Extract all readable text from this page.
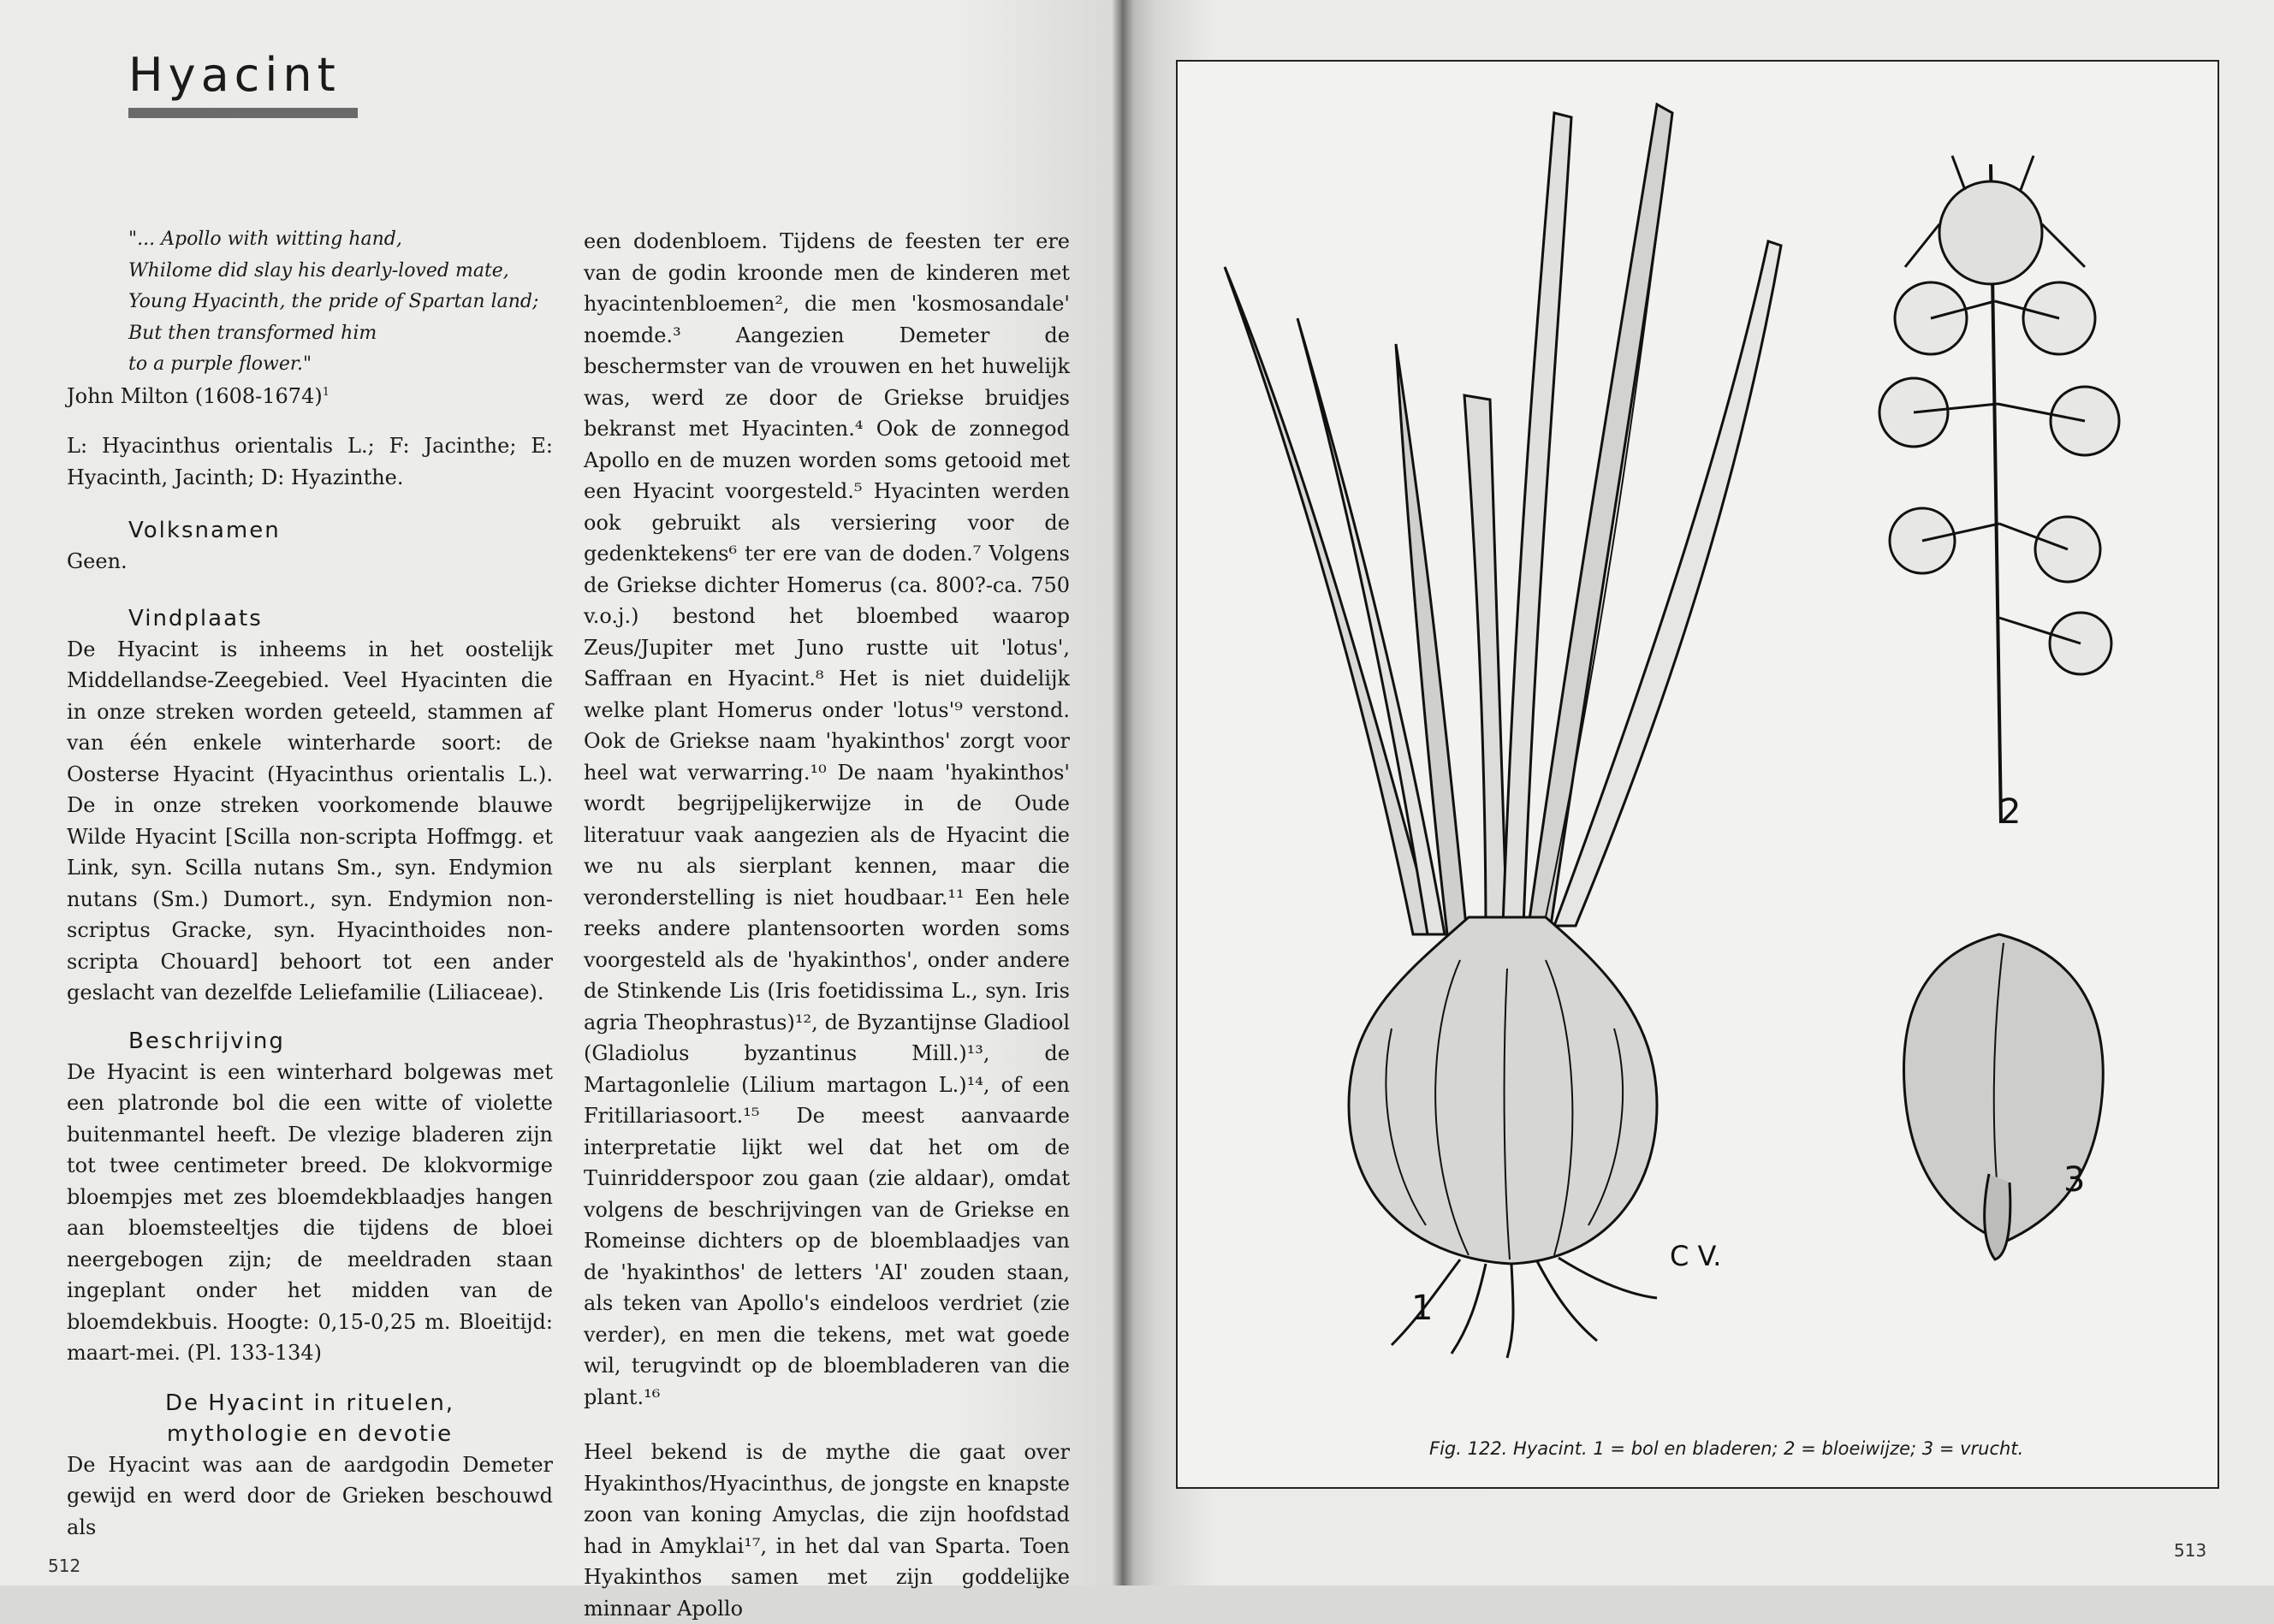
Hyacint
"... Apollo with witting hand,
Whilome did slay his dearly-loved mate,
Young Hyacinth, the pride of Spartan land;
But then transformed him
to a purple flower."
John Milton (1608-1674)$^1$

L: Hyacinthus orientalis L.; F: Jacinthe; E: Hyacinth, Jacinth; D: Hyazinthe.

Volksnamen

Geen.

Vindplaats

De Hyacint is inheems in het oostelijk Middellandse-Zeegebied. Veel Hyacinten die in onze streken worden geteeld, stammen af van één enkele winterharde soort: de Oosterse Hyacint (Hyacinthus orientalis L.). De in onze streken voorkomende blauwe Wilde Hyacint [Scilla non-scripta Hoffmgg. et Link, syn. Scilla nutans Sm., syn. Endymion nutans (Sm.) Dumort., syn. Endymion non-scriptus Gracke, syn. Hyacinthoides non-scripta Chouard] behoort tot een ander geslacht van dezelfde Leliefamilie (Liliaceae).

Beschrijving

De Hyacint is een winterhard bolgewas met een platronde bol die een witte of violette buitenmantel heeft. De vlezige bladeren zijn tot twee centimeter breed. De klokvormige bloempjes met zes bloemdekblaadjes hangen aan bloemsteeltjes die tijdens de bloei neergebogen zijn; de meeldraden staan ingeplant onder het midden van de bloemdekbuis. Hoogte: 0,15-0,25 m. Bloeitijd: maart-mei. (Pl. 133-134)

De Hyacint in rituelen,
mythologie en devotie

De Hyacint was aan de aardgodin Demeter gewijd en werd door de Grieken beschouwd als

een dodenbloem. Tijdens de feesten ter ere van de godin kroonde men de kinderen met hyacintenbloemen², die men 'kosmosandale' noemde.³ Aangezien Demeter de beschermster van de vrouwen en het huwelijk was, werd ze door de Griekse bruidjes bekranst met Hyacinten.⁴ Ook de zonnegod Apollo en de muzen worden soms getooid met een Hyacint voorgesteld.⁵ Hyacinten werden ook gebruikt als versiering voor de gedenktekens⁶ ter ere van de doden.⁷ Volgens de Griekse dichter Homerus (ca. 800?-ca. 750 v.o.j.) bestond het bloembed waarop Zeus/Jupiter met Juno rustte uit 'lotus', Saffraan en Hyacint.⁸ Het is niet duidelijk welke plant Homerus onder 'lotus'⁹ verstond. Ook de Griekse naam 'hyakinthos' zorgt voor heel wat verwarring.¹⁰ De naam 'hyakinthos' wordt begrijpelijkerwijze in de Oude literatuur vaak aangezien als de Hyacint die we nu als sierplant kennen, maar die veronderstelling is niet houdbaar.¹¹ Een hele reeks andere plantensoorten worden soms voorgesteld als de 'hyakinthos', onder andere de Stinkende Lis (Iris foetidissima L., syn. Iris agria Theophrastus)¹², de Byzantijnse Gladiool (Gladiolus byzantinus Mill.)¹³, de Martagonlelie (Lilium martagon L.)¹⁴, of een Fritillariasoort.¹⁵ De meest aanvaarde interpretatie lijkt wel dat het om de Tuinridderspoor zou gaan (zie aldaar), omdat volgens de beschrijvingen van de Griekse en Romeinse dichters op de bloemblaadjes van de 'hyakinthos' de letters 'AI' zouden staan, als teken van Apollo's eindeloos verdriet (zie verder), en men die tekens, met wat goede wil, terugvindt op de bloembladeren van die plant.¹⁶

Heel bekend is de mythe die gaat over Hyakinthos/Hyacinthus, de jongste en knapste zoon van koning Amyclas, die zijn hoofdstad had in Amyklai¹⁷, in het dal van Sparta. Toen Hyakinthos samen met zijn goddelijke minnaar Apollo

512
1
2
3
C V.
Fig. 122. Hyacint. 1 = bol en bladeren; 2 = bloeiwijze; 3 = vrucht.
513
